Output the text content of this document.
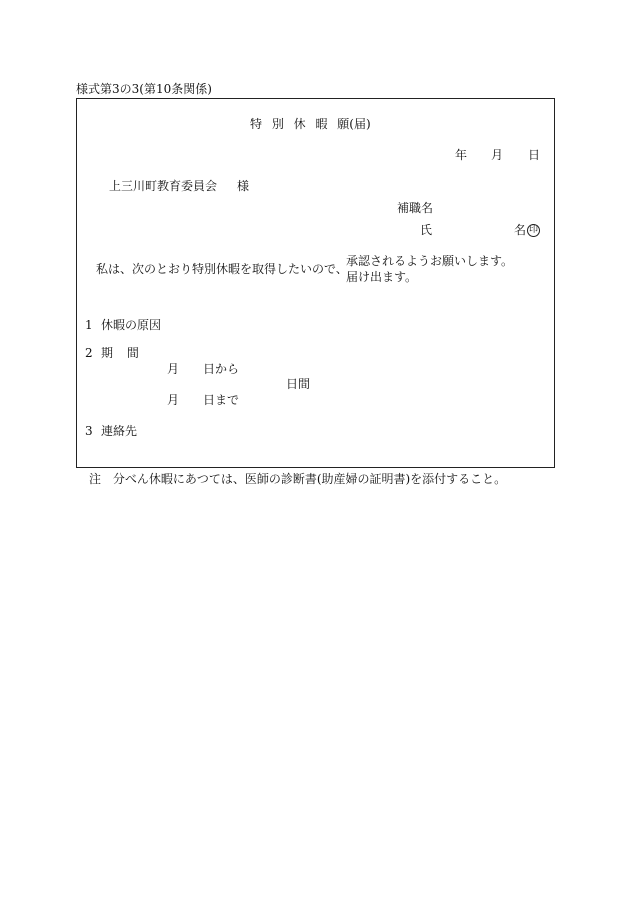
様式第3の3(第10条関係)
特 別 休 暇 願(届)
年 月 日
上三川町教育委員会 様
補職名
氏	名 印
私は、次のとおり特別休暇を取得したいので、
承認されるようお願いします。
届け出ます。
1 休暇の原因
2 期 間
月 日から
日間
月 日まで
3 連絡先
注 分べん休暇にあつては、医師の診断書(助産婦の証明書)を添付すること。
